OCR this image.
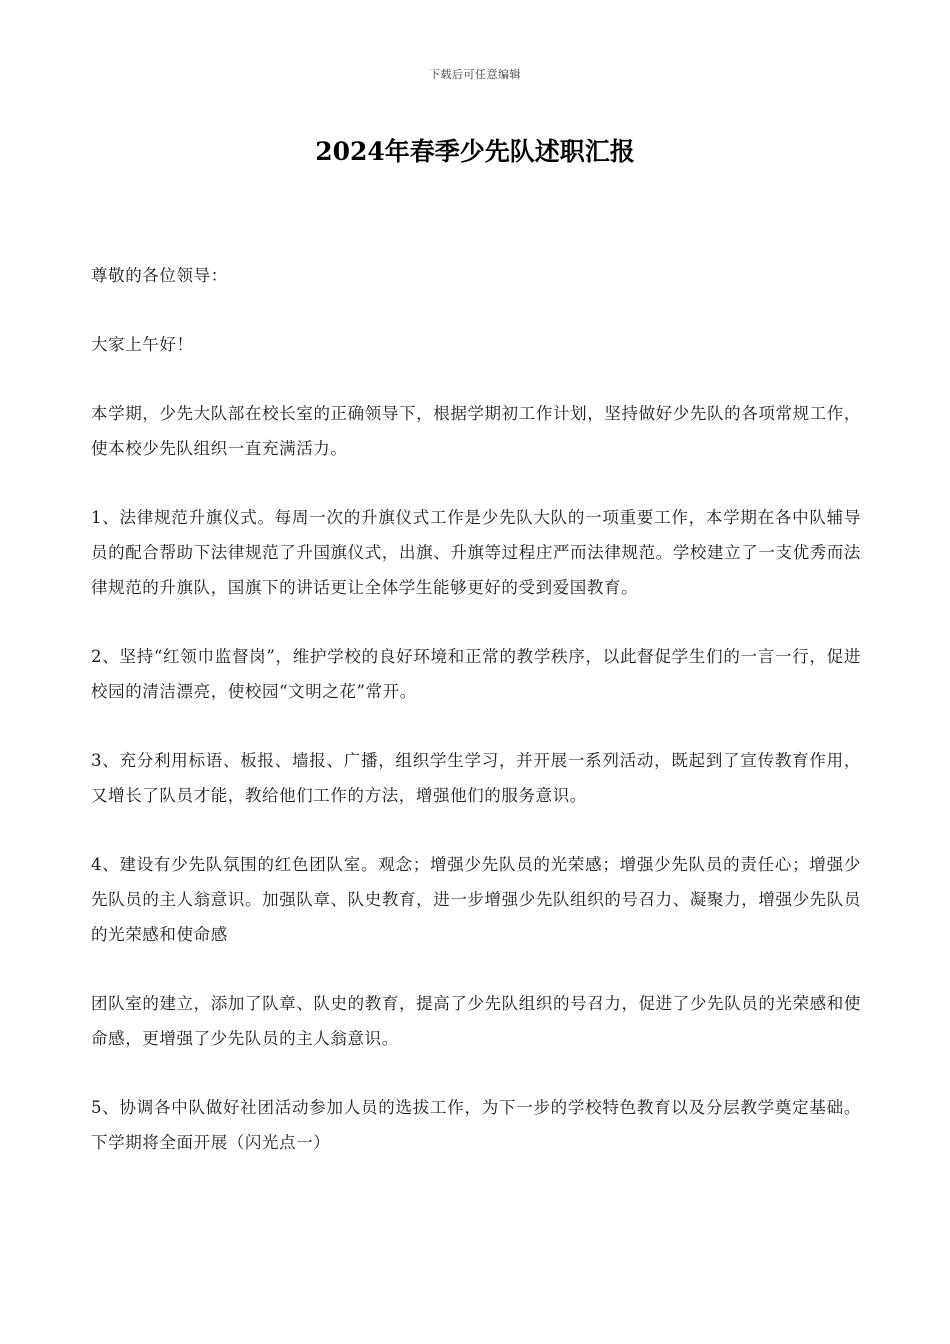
下载后可任意编辑
2024年春季少先队述职汇报

尊敬的各位领导：

大家上午好！

本学期，少先大队部在校长室的正确领导下，根据学期初工作计划，坚持做好少先队的各项常规工作，使本校少先队组织一直充满活力。

1、法律规范升旗仪式。每周一次的升旗仪式工作是少先队大队的一项重要工作，本学期在各中队辅导员的配合帮助下法律规范了升国旗仪式，出旗、升旗等过程庄严而法律规范。学校建立了一支优秀而法律规范的升旗队，国旗下的讲话更让全体学生能够更好的受到爱国教育。

2、坚持“红领巾监督岗”，维护学校的良好环境和正常的教学秩序，以此督促学生们的一言一行，促进校园的清洁漂亮，使校园“文明之花”常开。

3、充分利用标语、板报、墙报、广播，组织学生学习，并开展一系列活动，既起到了宣传教育作用，又增长了队员才能，教给他们工作的方法，增强他们的服务意识。

4、建设有少先队氛围的红色团队室。观念；增强少先队员的光荣感；增强少先队员的责任心；增强少先队员的主人翁意识。加强队章、队史教育，进一步增强少先队组织的号召力、凝聚力，增强少先队员的光荣感和使命感

团队室的建立，添加了队章、队史的教育，提高了少先队组织的号召力，促进了少先队员的光荣感和使命感，更增强了少先队员的主人翁意识。

5、协调各中队做好社团活动参加人员的选拔工作，为下一步的学校特色教育以及分层教学奠定基础。下学期将全面开展（闪光点一）
